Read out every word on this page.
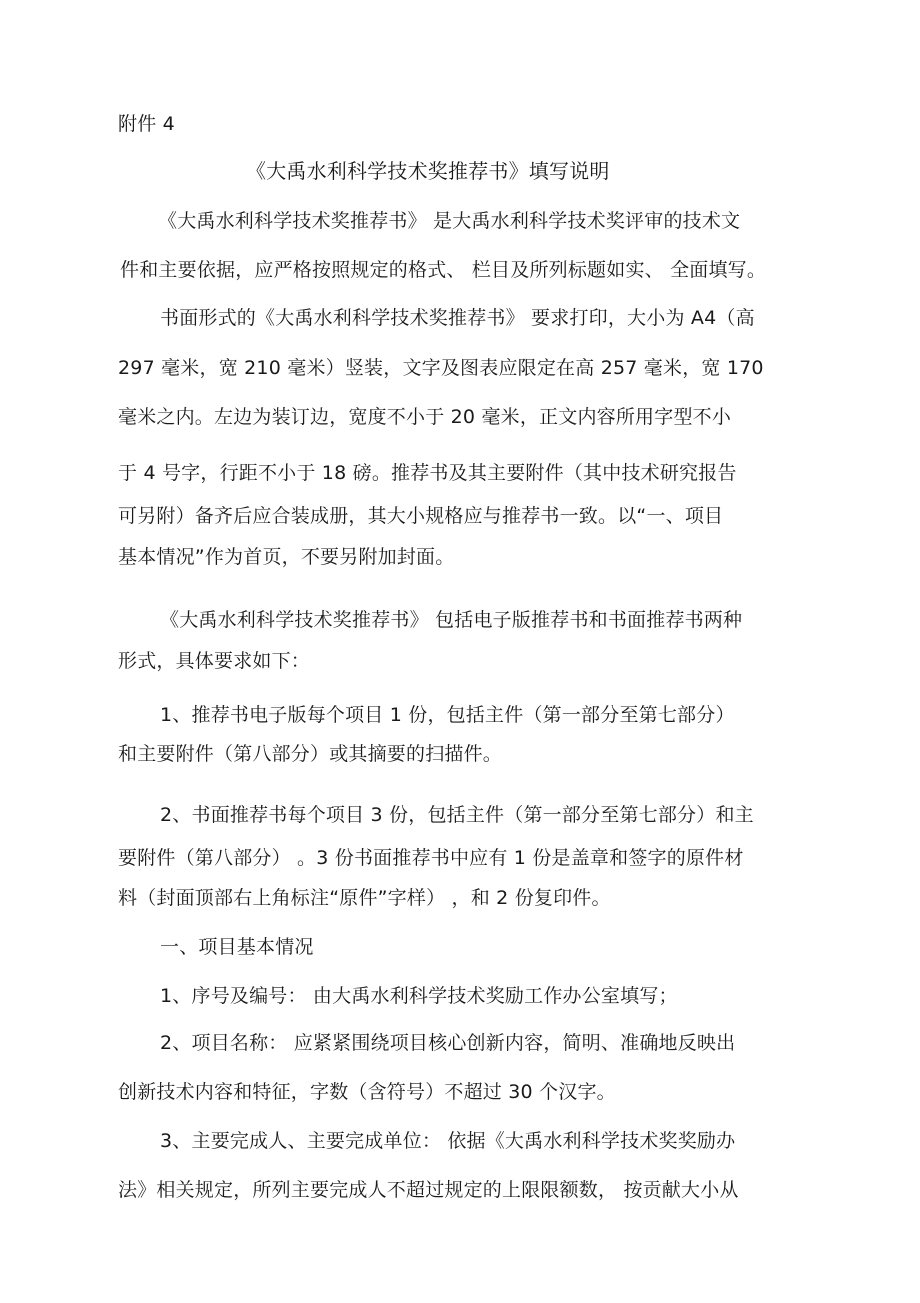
附件 4
《大禹水利科学技术奖推荐书》填写说明
《大禹水利科学技术奖推荐书》 是大禹水利科学技术奖评审的技术文
件和主要依据，应严格按照规定的格式、 栏目及所列标题如实、 全面填写。
书面形式的《大禹水利科学技术奖推荐书》 要求打印，大小为 A4（高
297 毫米，宽 210 毫米）竖装，文字及图表应限定在高 257 毫米，宽 170
毫米之内。左边为装订边，宽度不小于 20 毫米，正文内容所用字型不小
于 4 号字，行距不小于 18 磅。推荐书及其主要附件（其中技术研究报告
可另附）备齐后应合装成册，其大小规格应与推荐书一致。以“一、项目
基本情况”作为首页，不要另附加封面。
《大禹水利科学技术奖推荐书》 包括电子版推荐书和书面推荐书两种
形式，具体要求如下：
1、推荐书电子版每个项目 1 份，包括主件（第一部分至第七部分）
和主要附件（第八部分）或其摘要的扫描件。
2、书面推荐书每个项目 3 份，包括主件（第一部分至第七部分）和主
要附件（第八部分） 。3 份书面推荐书中应有 1 份是盖章和签字的原件材
料（封面顶部右上角标注“原件”字样） ，和 2 份复印件。
一、项目基本情况
1、序号及编号： 由大禹水利科学技术奖励工作办公室填写；
2、项目名称： 应紧紧围绕项目核心创新内容，简明、准确地反映出
创新技术内容和特征，字数（含符号）不超过 30 个汉字。
3、主要完成人、主要完成单位： 依据《大禹水利科学技术奖奖励办
法》相关规定，所列主要完成人不超过规定的上限限额数， 按贡献大小从
